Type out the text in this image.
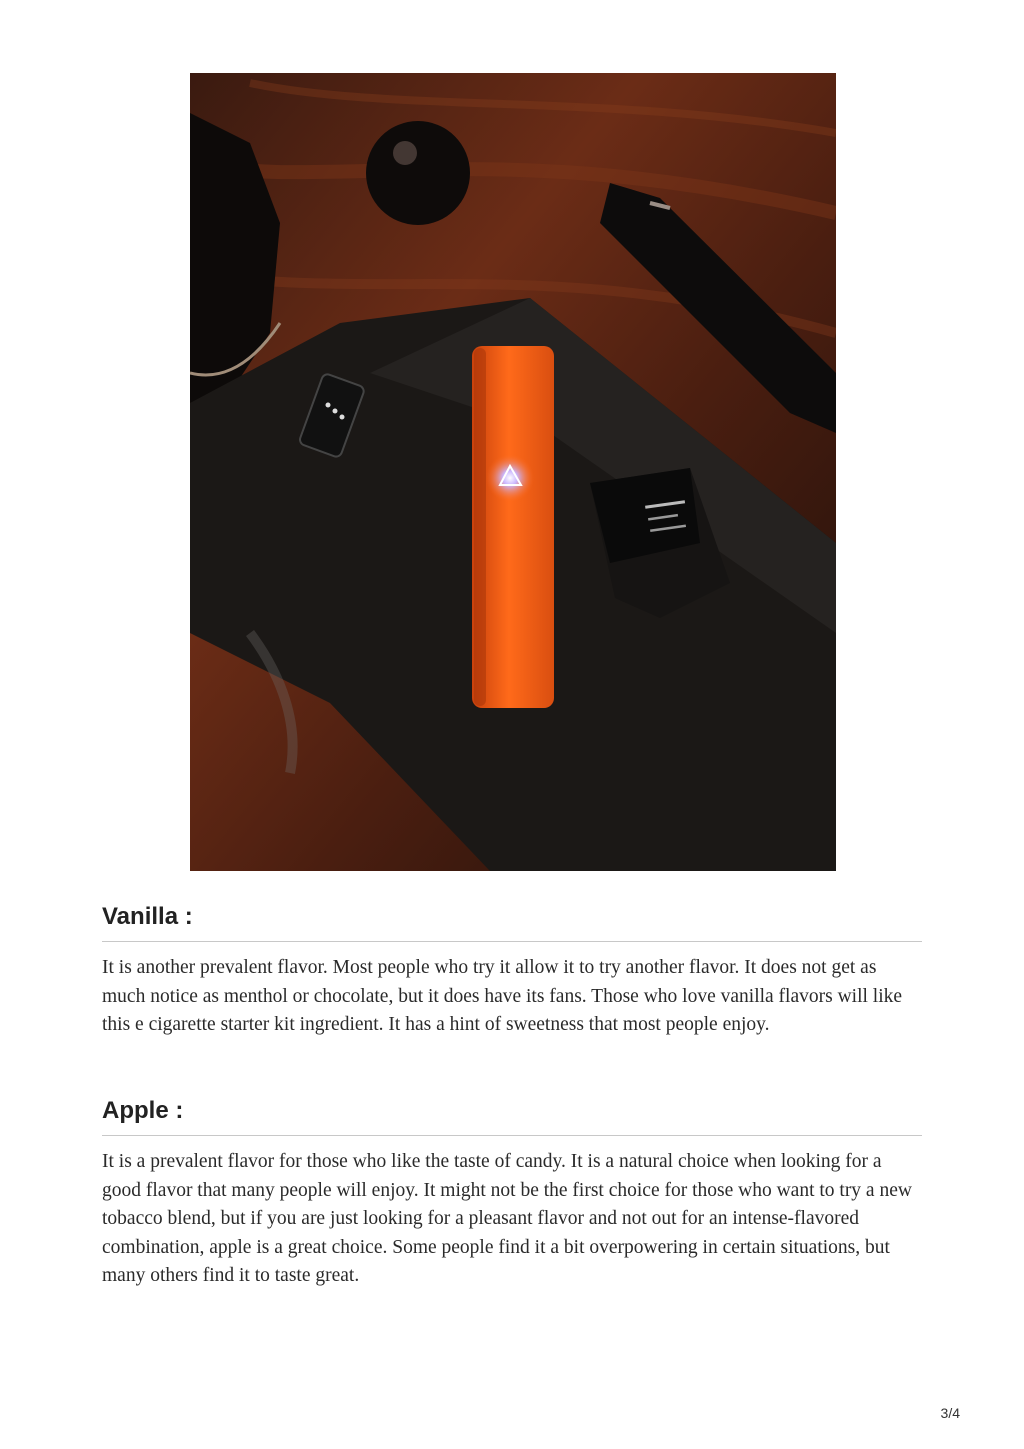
Vanilla :

It is another prevalent flavor. Most people who try it allow it to try another flavor. It does not get as much notice as menthol or chocolate, but it does have its fans. Those who love vanilla flavors will like this e cigarette starter kit ingredient. It has a hint of sweetness that most people enjoy.

Apple :

It is a prevalent flavor for those who like the taste of candy. It is a natural choice when looking for a good flavor that many people will enjoy. It might not be the first choice for those who want to try a new tobacco blend, but if you are just looking for a pleasant flavor and not out for an intense-flavored combination, apple is a great choice. Some people find it a bit overpowering in certain situations, but many others find it to taste great.

3/4
